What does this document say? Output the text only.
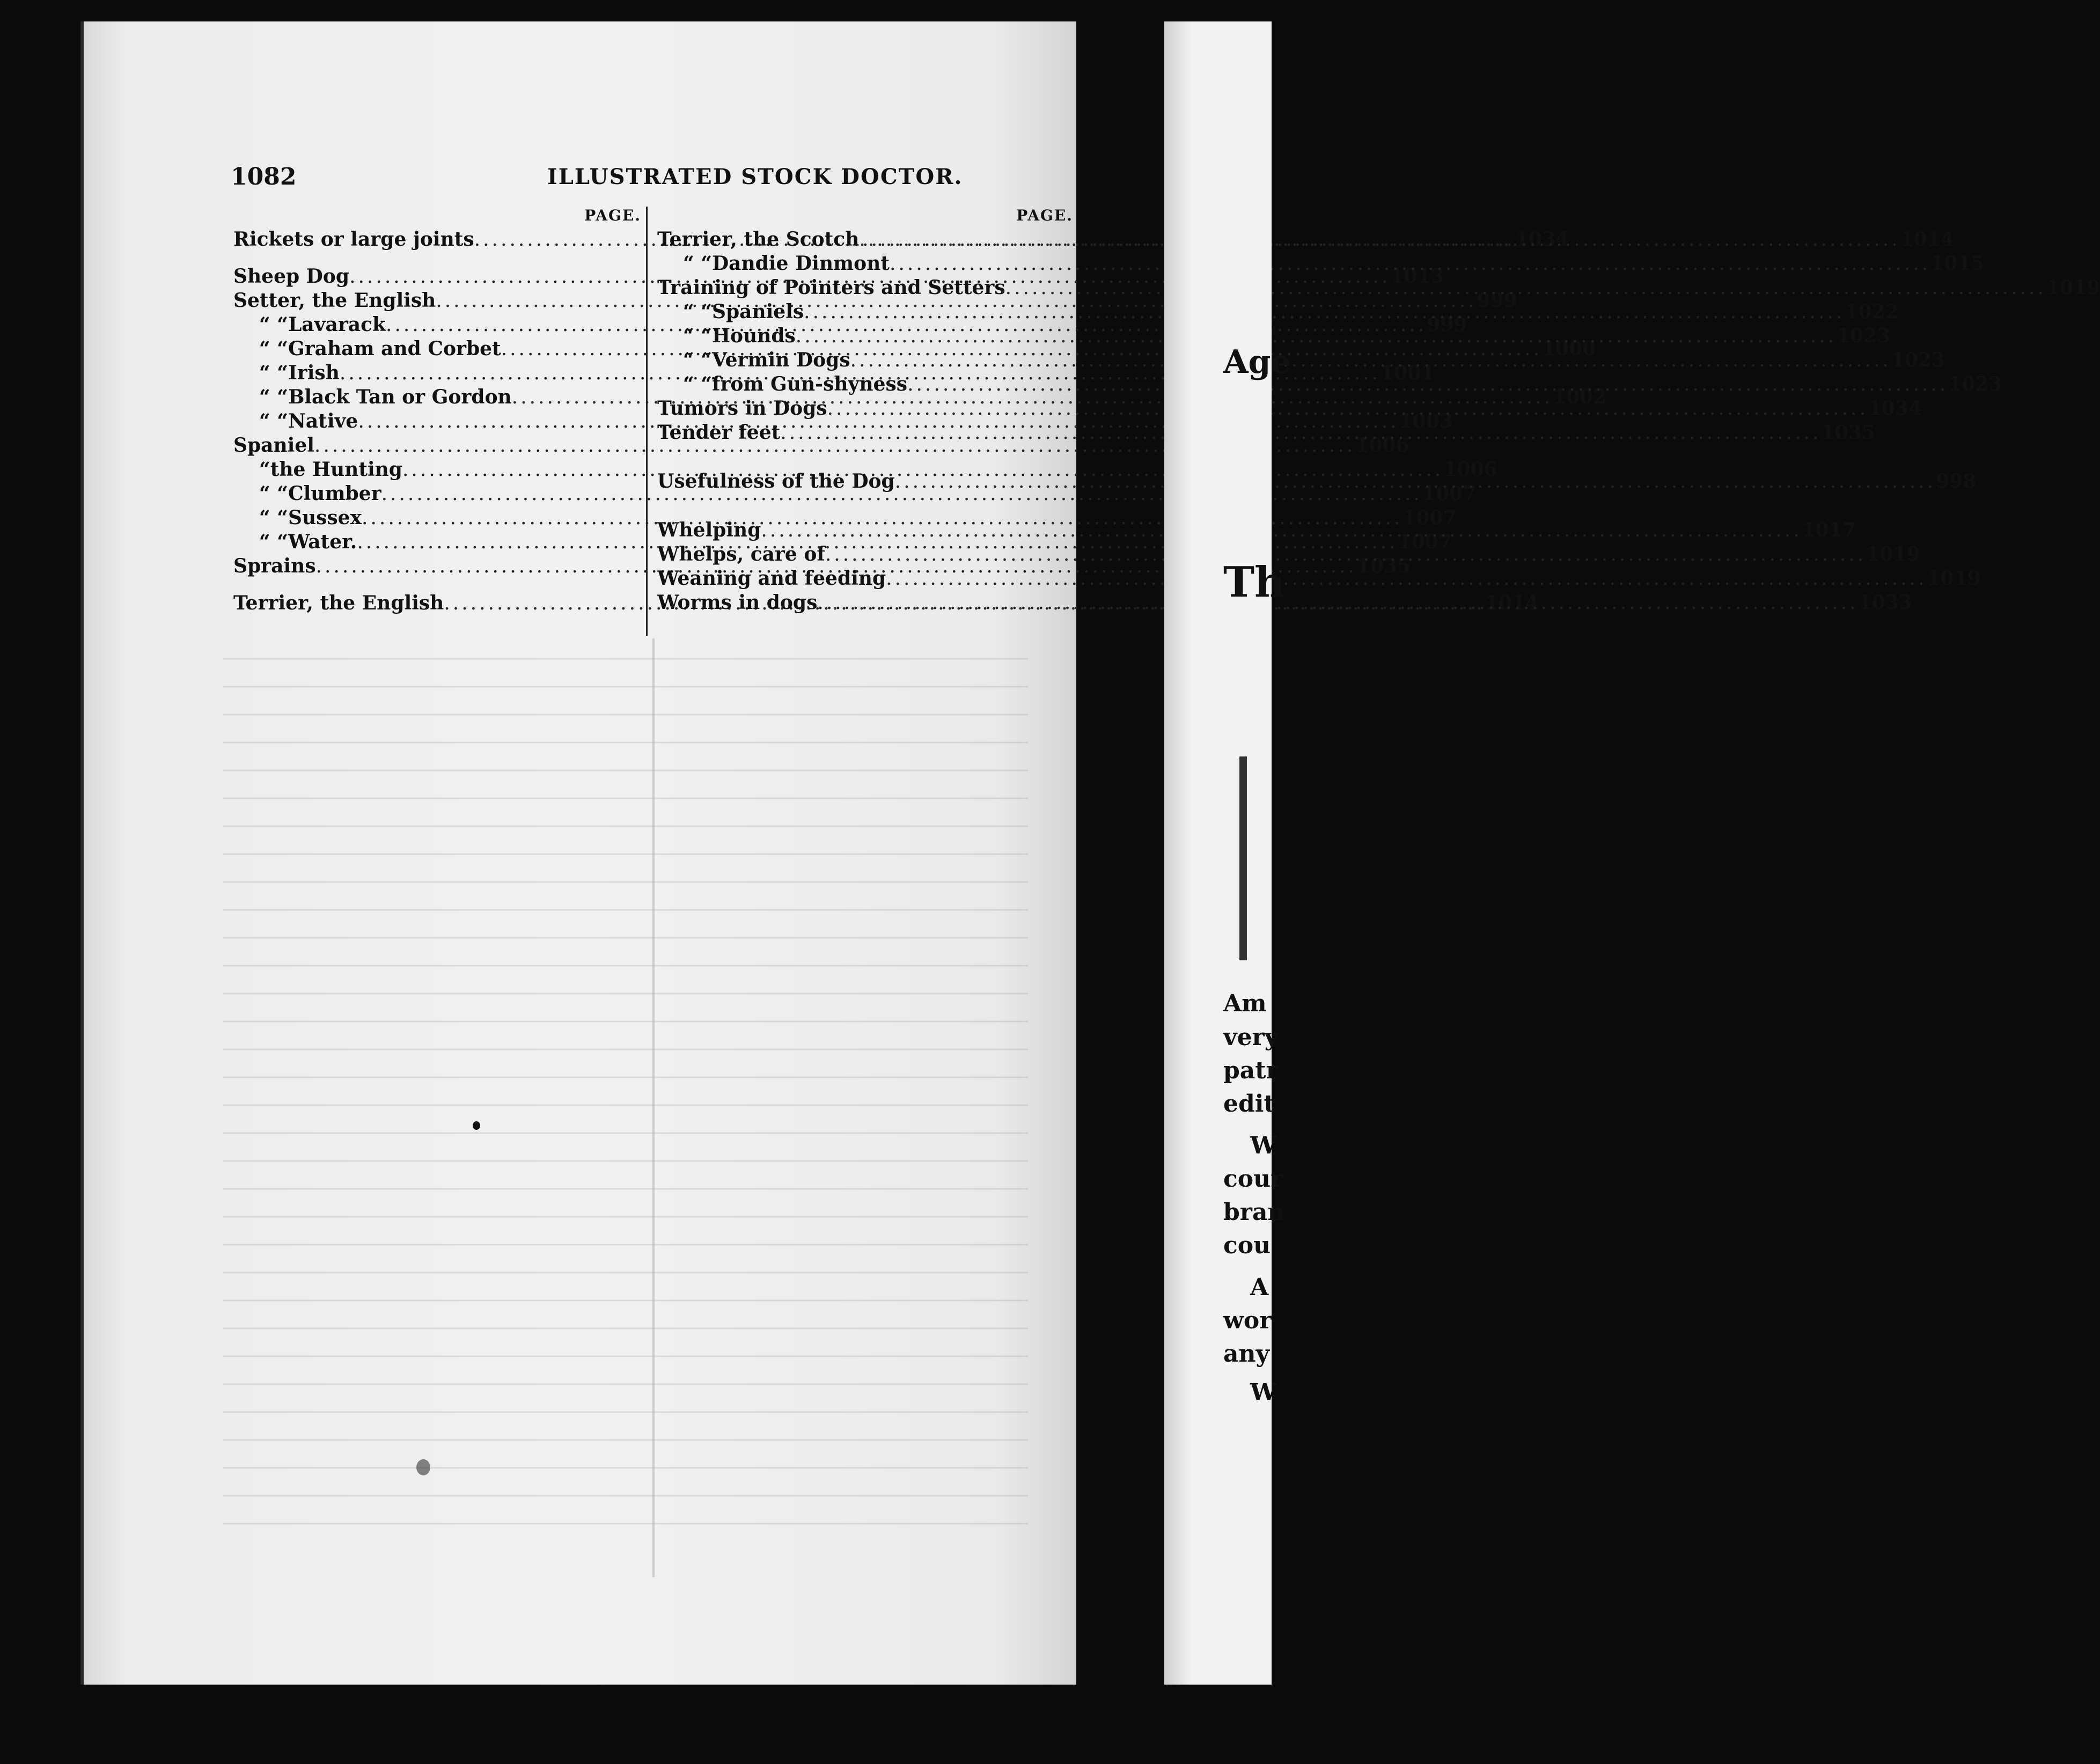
1082	ILLUSTRATED STOCK DOCTOR.
PAGE.
Rickets or large joints .....	1034
Sheep Dog .....	1013
Setter, the English .....	999
“ “ Lavarack .....	999
“ “ Graham and Corbet .....	1000
“ “ Irish .....	1001
“ “ Black Tan or Gordon .....	1002
“ “ Native .....	1003
Spaniel .....	1006
“ the Hunting .....	1006
“ “ Clumber .....	1007
“ “ Sussex .....	1007
“ “ Water. .....	1007
Sprains .....	1035
Terrier, the English .....	1014
PAGE.
Terrier, the Scotch .....	1014
“ “ Dandie Dinmont .....	1015
Training of Pointers and Setters .....	1019
“ “ Spaniels .....	1022
“ “ Hounds .....	1023
“ “ Vermin Dogs .....	1023
“ “ from Gun-shyness .....	1023
Tumors in Dogs .....	1034
Tender feet .....	1035
Usefulness of the Dog .....	998
Whelping .....	1017
Whelps, care of .....	1019
Weaning and feeding .....	1019
Worms in dogs .....	1033
Age
Th
Am
very
patr
edit
W
cour
bran
cou
A
wor
any
W
